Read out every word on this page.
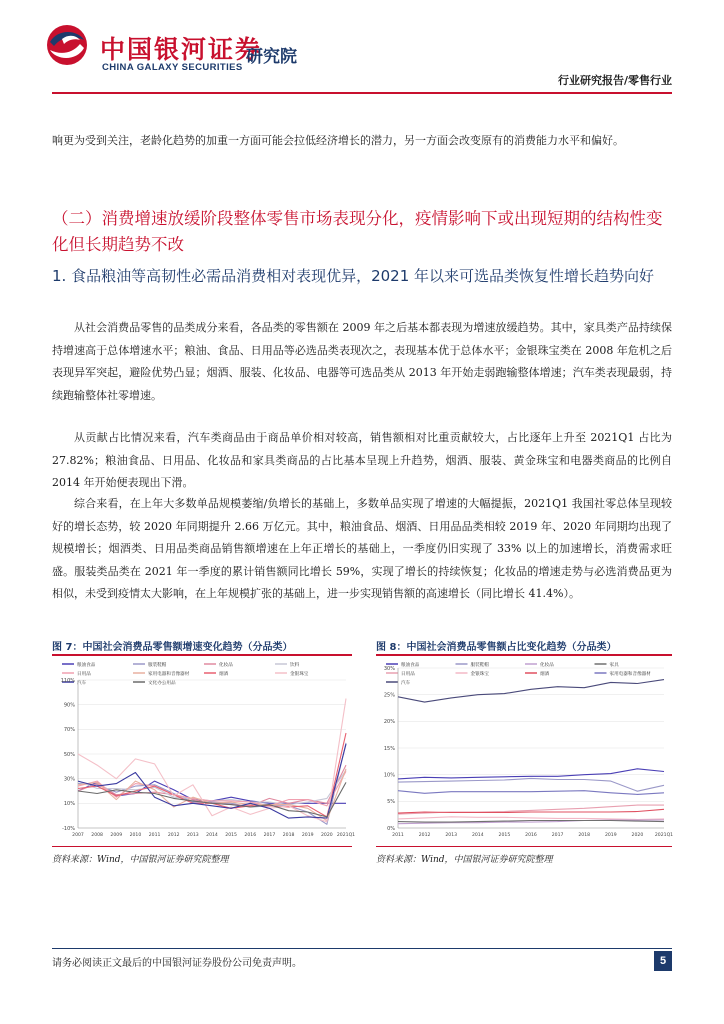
中国银河证券
CHINA GALAXY SECURITIES
研究院
行业研究报告/零售行业
响更为受到关注，老龄化趋势的加重一方面可能会拉低经济增长的潜力，另一方面会改变原有的消费能力水平和偏好。
（二）消费增速放缓阶段整体零售市场表现分化，疫情影响下或出现短期的结构性变化但长期趋势不改
1. 食品粮油等高韧性必需品消费相对表现优异，2021 年以来可选品类恢复性增长趋势向好
从社会消费品零售的品类成分来看，各品类的零售额在 2009 年之后基本都表现为增速放缓趋势。其中，家具类产品持续保持增速高于总体增速水平；粮油、食品、日用品等必选品类表现次之，表现基本优于总体水平；金银珠宝类在 2008 年危机之后表现异军突起，避险优势凸显；烟酒、服装、化妆品、电器等可选品类从 2013 年开始走弱跑输整体增速；汽车类表现最弱，持续跑输整体社零增速。
从贡献占比情况来看，汽车类商品由于商品单价相对较高，销售额相对比重贡献较大，占比逐年上升至 2021Q1 占比为 27.82%；粮油食品、日用品、化妆品和家具类商品的占比基本呈现上升趋势，烟酒、服装、黄金珠宝和电器类商品的比例自 2014 年开始便表现出下滑。
综合来看，在上年大多数单品规模萎缩/负增长的基础上，多数单品实现了增速的大幅提振，2021Q1 我国社零总体呈现较好的增长态势，较 2020 年同期提升 2.66 万亿元。其中，粮油食品、烟酒、日用品品类相较 2019 年、2020 年同期均出现了规模增长；烟酒类、日用品类商品销售额增速在上年正增长的基础上，一季度仍旧实现了 33% 以上的加速增长，消费需求旺盛。服装类品类在 2021 年一季度的累计销售额同比增长 59%，实现了增长的持续恢复；化妆品的增速走势与必选消费品更为相似，未受到疫情太大影响，在上年规模扩张的基础上，进一步实现销售额的高速增长（同比增长 41.4%）。
图 7：中国社会消费品零售额增速变化趋势（分品类）
粮油食品	服装鞋帽	化妆品	饮料
日用品	家用电器和音像器材	烟酒	金银珠宝
汽车	文化办公用品
-10%
10%
30%
50%
70%
90%
110%
2007 2008 2009 2010 2011 2012 2013 2014 2015 2016 2017 2018 2019 2020 2021Q1
资料来源：Wind，中国银河证券研究院整理
图 8：中国社会消费品零售额占比变化趋势（分品类）
粮油食品	服装鞋帽	化妆品	家具
日用品	金银珠宝	烟酒	家用电器和音像器材
汽车
0%
5%
10%
15%
20%
25%
30%
2011	2012	2013	2014	2015	2016	2017	2018	2019	2020	2021Q1
资料来源：Wind，中国银河证券研究院整理
请务必阅读正文最后的中国银河证券股份公司免责声明。	5
